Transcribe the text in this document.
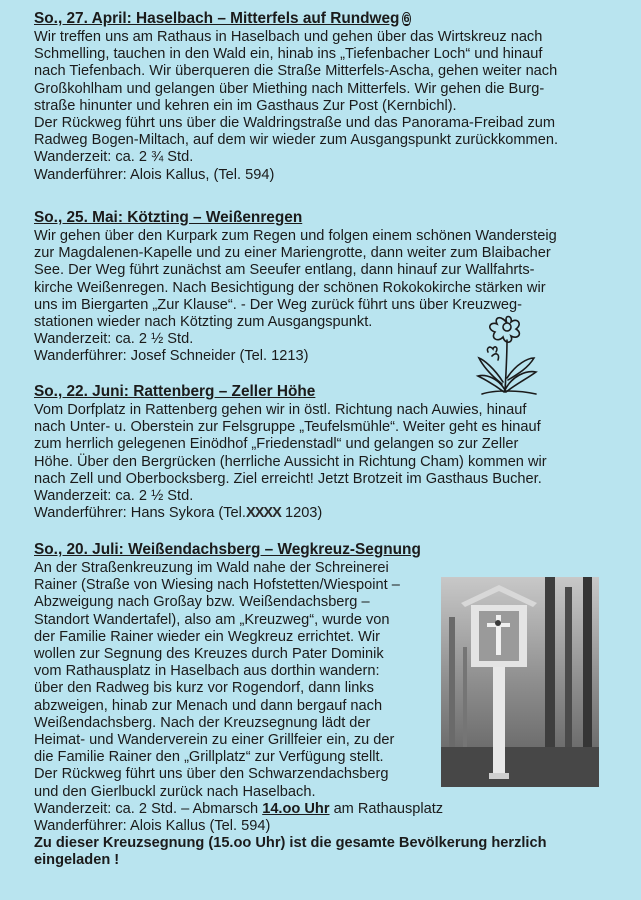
So., 27. April: Haselbach – Mitterfels auf Rundweg 6
Wir treffen uns am Rathaus in Haselbach und gehen über das Wirtskreuz nach
Schmelling, tauchen in den Wald ein, hinab ins „Tiefenbacher Loch“ und hinauf
nach Tiefenbach. Wir überqueren die Straße Mitterfels-Ascha, gehen weiter nach
Großkohlham und gelangen über Miething nach Mitterfels. Wir gehen die Burg-
straße hinunter und kehren ein im Gasthaus Zur Post (Kernbichl).
Der Rückweg führt uns über die Waldringstraße und das Panorama-Freibad zum
Radweg Bogen-Miltach, auf dem wir wieder zum Ausgangspunkt zurückkommen.
Wanderzeit: ca. 2 ¾ Std.
Wanderführer: Alois Kallus, (Tel. 594)
So., 25. Mai: Kötzting – Weißenregen
Wir gehen über den Kurpark zum Regen und folgen einem schönen Wandersteig
zur Magdalenen-Kapelle und zu einer Mariengrotte, dann weiter zum Blaibacher
See. Der Weg führt zunächst am Seeufer entlang, dann hinauf zur Wallfahrts-
kirche Weißenregen. Nach Besichtigung der schönen Rokokokirche stärken wir
uns im Biergarten „Zur Klause“. - Der Weg zurück führt uns über Kreuzweg-
stationen wieder nach Kötzting zum Ausgangspunkt.
Wanderzeit: ca. 2 ½ Std.
Wanderführer: Josef Schneider (Tel. 1213)
So., 22. Juni: Rattenberg – Zeller Höhe
Vom Dorfplatz in Rattenberg gehen wir in östl. Richtung nach Auwies, hinauf
nach Unter- u. Oberstein zur Felsgruppe „Teufelsmühle“. Weiter geht es hinauf
zum herrlich gelegenen Einödhof „Friedenstadl“ und gelangen so zur Zeller
Höhe. Über den Bergrücken (herrliche Aussicht in Richtung Cham) kommen wir
nach Zell und Oberbocksberg. Ziel erreicht! Jetzt Brotzeit im Gasthaus Bucher.
Wanderzeit: ca. 2 ½ Std.
Wanderführer: Hans Sykora (Tel.XXXX 1203)
So., 20. Juli: Weißendachsberg – Wegkreuz-Segnung
An der Straßenkreuzung im Wald nahe der Schreinerei
Rainer (Straße von Wiesing nach Hofstetten/Wiespoint –
Abzweigung nach Großay bzw. Weißendachsberg –
Standort Wandertafel), also am „Kreuzweg“, wurde von
der Familie Rainer wieder ein Wegkreuz errichtet. Wir
wollen zur Segnung des Kreuzes durch Pater Dominik
vom Rathausplatz in Haselbach aus dorthin wandern:
über den Radweg bis kurz vor Rogendorf, dann links
abzweigen, hinab zur Menach und dann bergauf nach
Weißendachsberg. Nach der Kreuzsegnung lädt der
Heimat- und Wanderverein zu einer Grillfeier ein, zu der
die Familie Rainer den „Grillplatz“ zur Verfügung stellt.
Der Rückweg führt uns über den Schwarzendachsberg
und den Gierlbuckl zurück nach Haselbach.
Wanderzeit: ca. 2 Std. – Abmarsch 14.oo Uhr am Rathausplatz
Wanderführer: Alois Kallus (Tel. 594)
Zu dieser Kreuzsegnung (15.oo Uhr) ist die gesamte Bevölkerung herzlich
eingeladen !
